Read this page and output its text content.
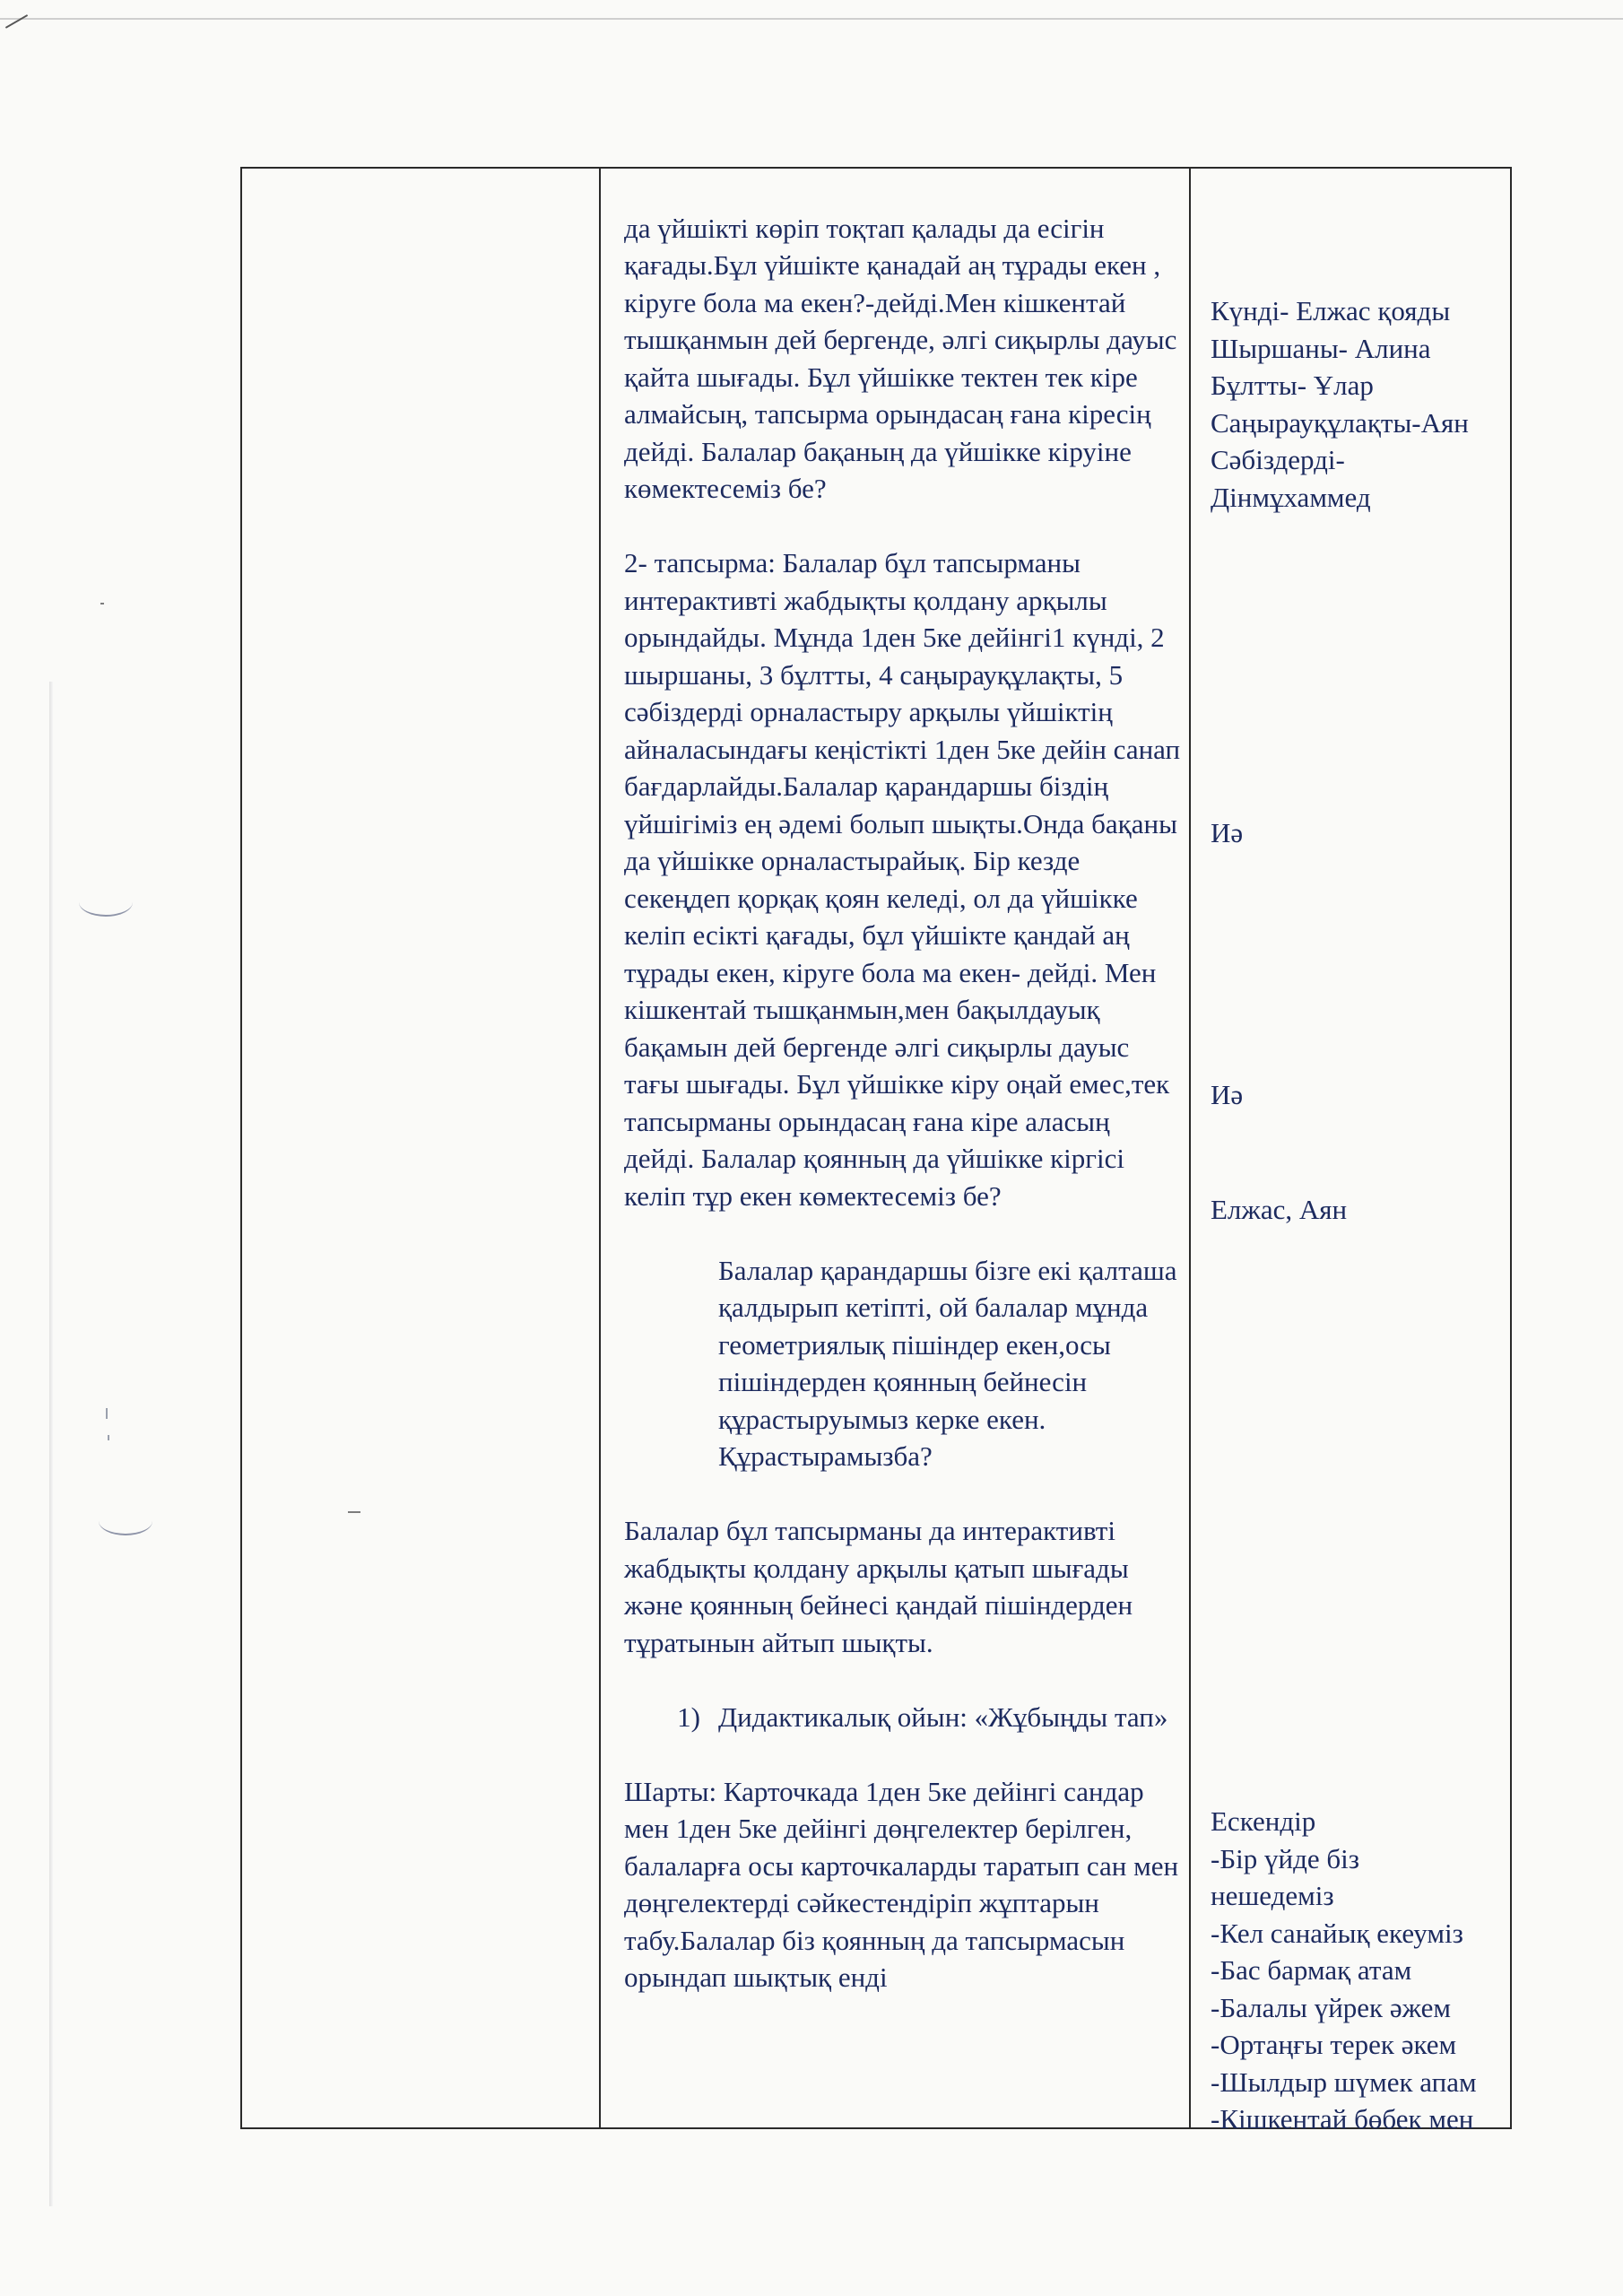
да үйшікті көріп тоқтап қалады да есігін қағады.Бұл үйшікте қанадай аң тұрады екен , кіруге бола ма екен?-дейді.Мен кішкентай тышқанмын дей бергенде, әлгі сиқырлы дауыс қайта шығады. Бұл үйшікке тектен тек кіре алмайсың, тапсырма орындасаң ғана кіресің дейді. Балалар бақаның да үйшікке кіруіне көмектесеміз бе?

2- тапсырма: Балалар бұл тапсырманы интерактивті жабдықты қолдану арқылы орындайды. Мұнда 1ден 5ке дейінгі1 күнді, 2 шыршаны, 3 бұлтты, 4 саңырауқұлақты, 5 сәбіздерді орналастыру арқылы үйшіктің айналасындағы кеңістікті 1ден 5ке дейін санап бағдарлайды.Балалар қарандаршы біздің үйшігіміз ең әдемі болып шықты.Онда бақаны да үйшікке орналастырайық. Бір кезде секеңдеп қорқақ қоян келеді, ол да үйшікке келіп есікті қағады, бұл үйшікте қандай аң тұрады екен, кіруге бола ма екен- дейді. Мен кішкентай тышқанмын,мен бақылдауық бақамын дей бергенде әлгі сиқырлы дауыс тағы шығады. Бұл үйшікке кіру оңай емес,тек тапсырманы орындасаң ғана кіре аласың дейді. Балалар қоянның да үйшікке кіргісі келіп тұр екен көмектесеміз бе?

Балалар қарандаршы бізге екі қалташа қалдырып кетіпті, ой балалар мұнда геометриялық пішіндер екен,осы пішіндерден қоянның бейнесін құрастыруымыз керке екен. Құрастырамызба?

Балалар бұл тапсырманы да интерактивті жабдықты қолдану арқылы қатып шығады және қоянның бейнесі қандай пішіндерден тұратынын айтып шықты.

1) Дидактикалық ойын: «Жұбыңды тап»

Шарты: Карточкада 1ден 5ке дейінгі сандар мен 1ден 5ке дейінгі дөңгелектер берілген, балаларға осы карточкаларды таратып сан мен дөңгелектерді сәйкестендіріп жұптарын табу.Балалар біз қоянның да тапсырмасын орындап шықтық енді

Күнді- Елжас қояды

Шыршаны- Алина

Бұлтты- Ұлар

Саңырауқұлақты-Аян

Сәбіздерді-

Дінмұхаммед

Иә

Иә

Елжас, Аян

Ескендір

-Бір үйде біз

нешедеміз

-Кел санайық екеуміз

-Бас бармақ атам

-Балалы үйрек әжем

-Ортаңғы терек әкем

-Шылдыр шүмек апам

-Кішкентай бөбек мен
